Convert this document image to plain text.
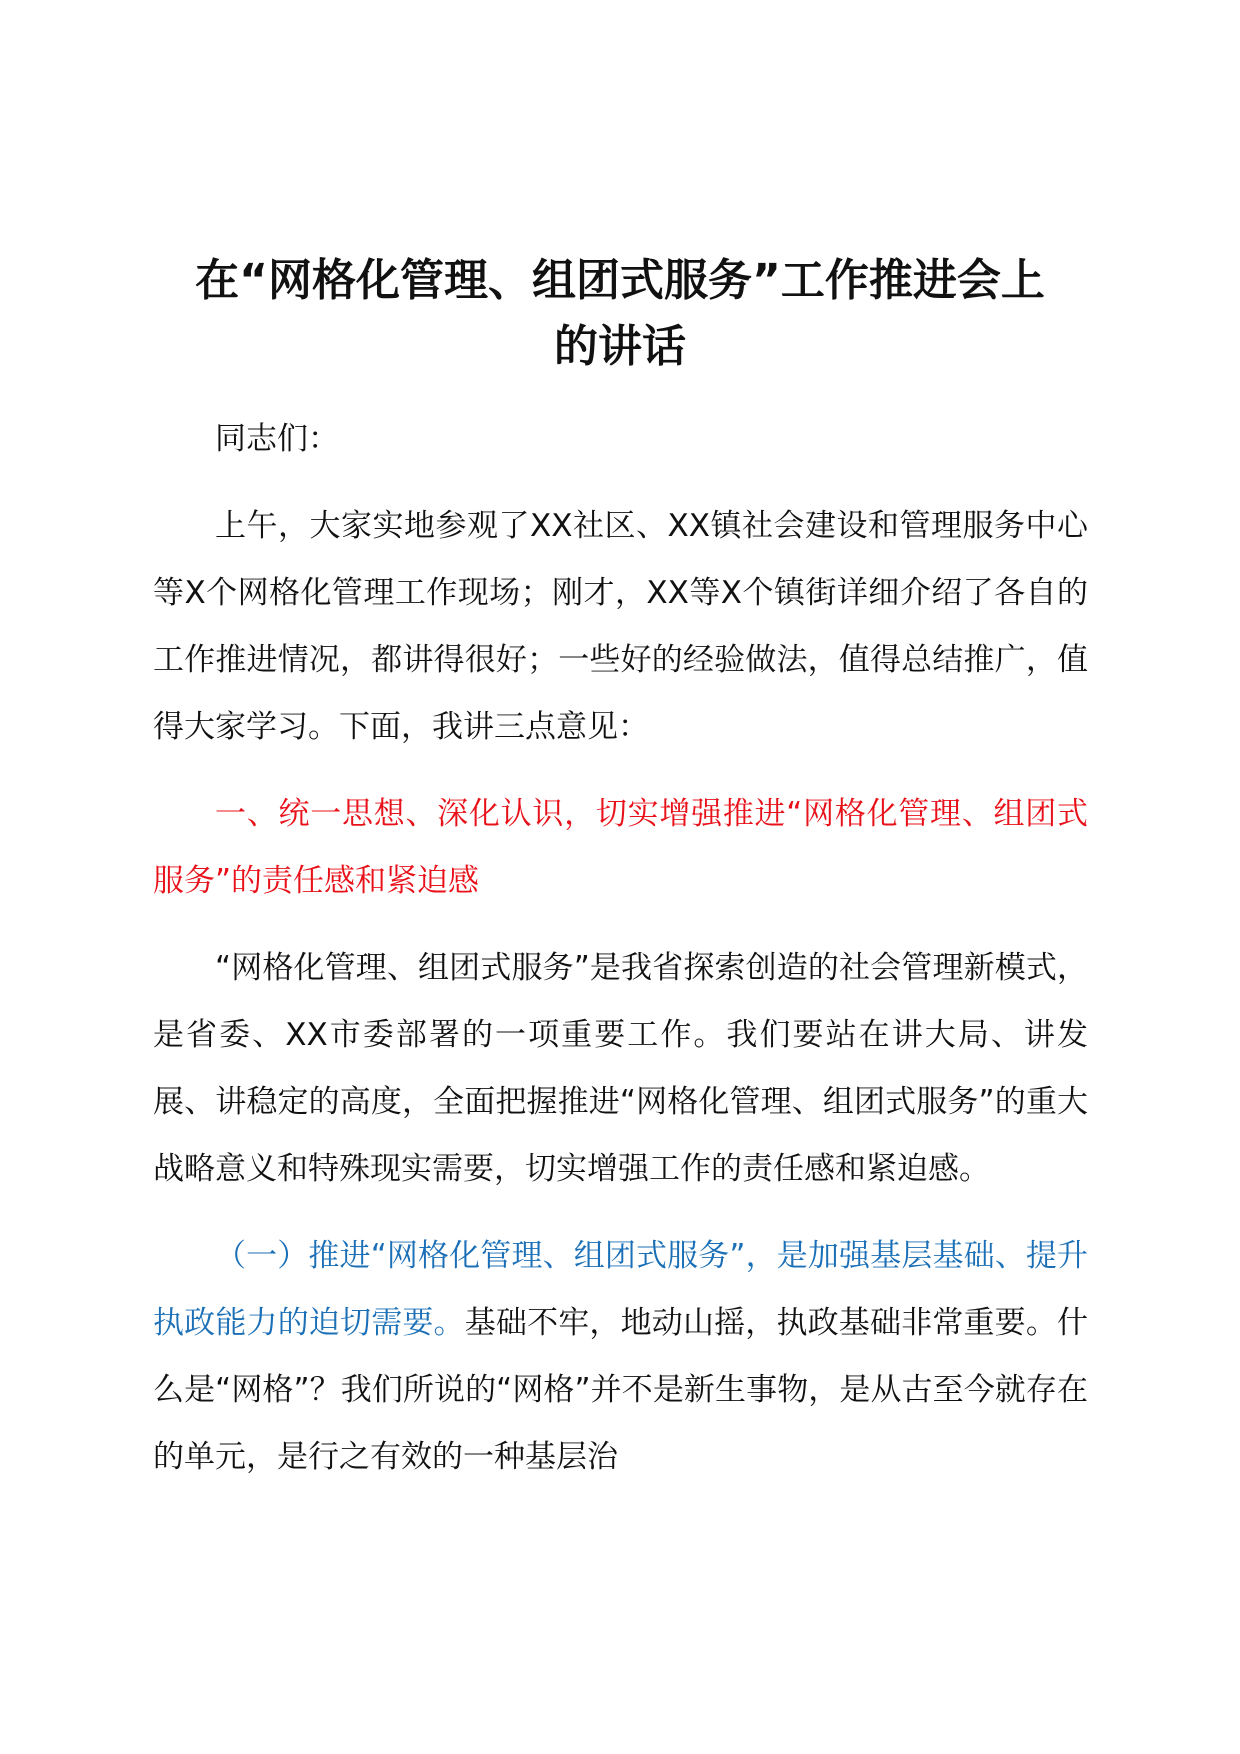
在“网格化管理、组团式服务”工作推进会上
的讲话

同志们：

上午，大家实地参观了XX社区、XX镇社会建设和管理服务中心等X个网格化管理工作现场；刚才，XX等X个镇街详细介绍了各自的工作推进情况，都讲得很好；一些好的经验做法，值得总结推广，值得大家学习。下面，我讲三点意见：

一、统一思想、深化认识，切实增强推进“网格化管理、组团式服务”的责任感和紧迫感

“网格化管理、组团式服务”是我省探索创造的社会管理新模式，是省委、XX市委部署的一项重要工作。我们要站在讲大局、讲发展、讲稳定的高度，全面把握推进“网格化管理、组团式服务”的重大战略意义和特殊现实需要，切实增强工作的责任感和紧迫感。

（一）推进“网格化管理、组团式服务”，是加强基层基础、提升执政能力的迫切需要。基础不牢，地动山摇，执政基础非常重要。什么是“网格”？我们所说的“网格”并不是新生事物，是从古至今就存在的单元，是行之有效的一种基层治
